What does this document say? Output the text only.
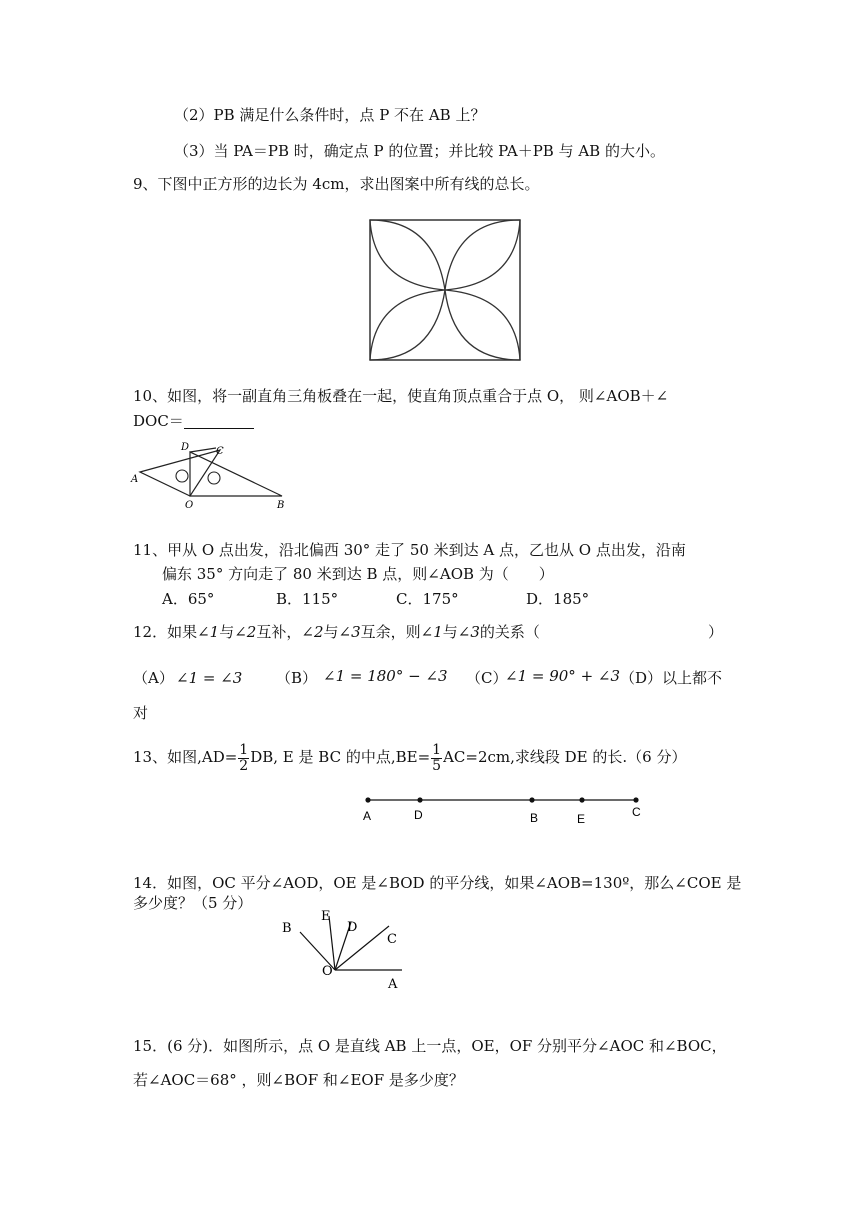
（2）PB 满足什么条件时，点 P 不在 AB 上？
（3）当 PA＝PB 时，确定点 P 的位置；并比较 PA＋PB 与 AB 的大小。
9、下图中正方形的边长为 4cm，求出图案中所有线的总长。
10、如图，将一副直角三角板叠在一起，使直角顶点重合于点 O， 则∠AOB＋∠
DOC＝
A
D	C
O	B
11、甲从 O 点出发，沿北偏西 30° 走了 50 米到达 A 点，乙也从 O 点出发，沿南
偏东 35° 方向走了 80 米到达 B 点，则∠AOB 为（　　）
A．65°	B．115°	C．175°	D．185°
12．如果∠1与∠2互补，∠2与∠3互余，则∠1与∠3的关系（	）
（A） ∠1 = ∠3 （B） ∠1 = 180° − ∠3 （C）
∠1 = 90° + ∠3 （D）以上都不
对
13、如图$,AD= \frac{1}{2}$ DB, E 是 BC 的中点$,BE= \frac{1}{5} AC=2cm$,求线段 DE 的长.（6 分）
A	D	B	E	C
14．如图，OC 平分∠AOD，OE 是∠BOD 的平分线，如果∠AOB=130º，那么∠COE 是
多少度？（5 分）
B
E
D
C
O
A
15．(6 分)．如图所示，点 O 是直线 AB 上一点，OE，OF 分别平分∠AOC 和∠BOC，
若∠AOC＝68° ，则∠BOF 和∠EOF 是多少度？
